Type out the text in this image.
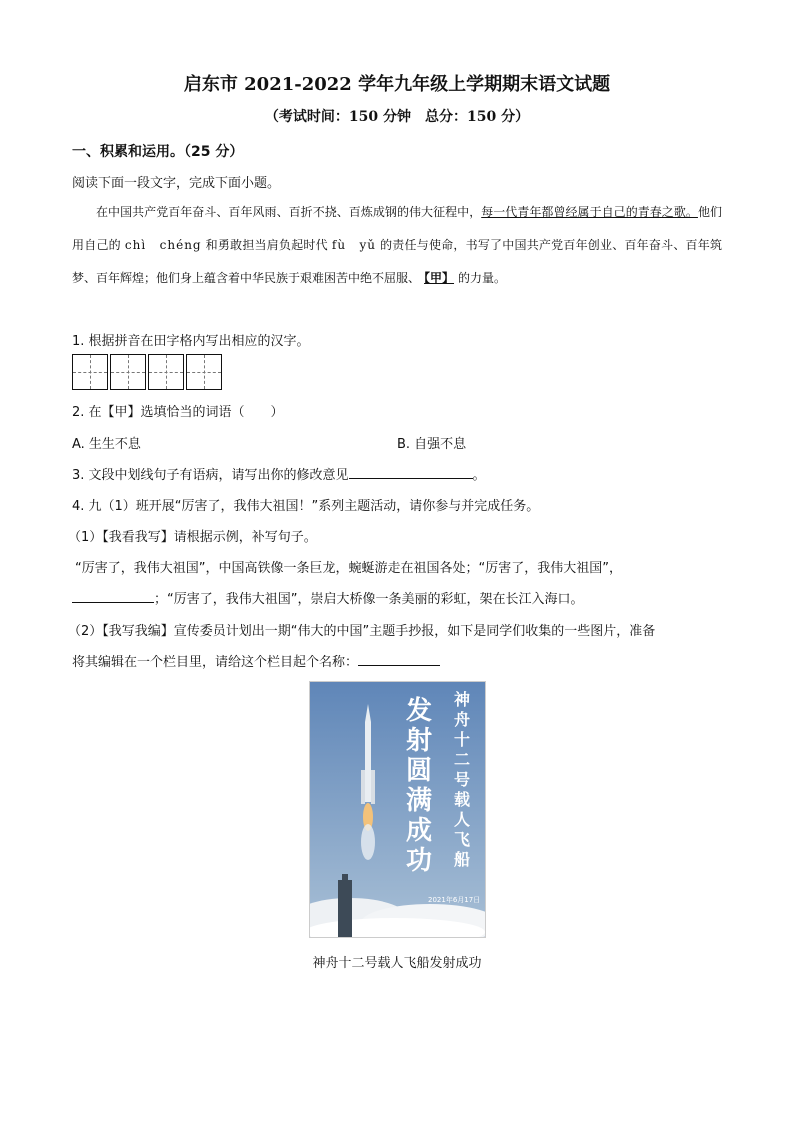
启东市 2021-2022 学年九年级上学期期末语文试题
（考试时间：150 分钟　总分：150 分）
一、积累和运用。（25 分）
阅读下面一段文字，完成下面小题。

在中国共产党百年奋斗、百年风雨、百折不挠、百炼成钢的伟大征程中，每一代青年都曾经属于自己的青春之歌。他们用自己的 chì　chéng 和勇敢担当肩负起时代 fù　yǔ 的责任与使命，书写了中国共产党百年创业、百年奋斗、百年筑梦、百年辉煌；他们身上蕴含着中华民族于艰难困苦中绝不屈服、 【甲】 的力量。

1. 根据拼音在田字格内写出相应的汉字。
2. 在【甲】选填恰当的词语（　　）
A. 生生不息	B. 自强不息
3. 文段中划线句子有语病，请写出你的修改意见	。
4. 九（1）班开展“厉害了，我伟大祖国！”系列主题活动，请你参与并完成任务。
（1）【我看我写】请根据示例，补写句子。
“厉害了，我伟大祖国”，中国高铁像一条巨龙，蜿蜒游走在祖国各处；“厉害了，我伟大祖国”，
；“厉害了，我伟大祖国”，崇启大桥像一条美丽的彩虹，架在长江入海口。
（2）【我写我编】宣传委员计划出一期“伟大的中国”主题手抄报，如下是同学们收集的一些图片，准备
将其编辑在一个栏目里，请给这个栏目起个名称：
发射圆满成功
神舟十二号载人飞船
2021年6月17日
神舟十二号载人飞船发射成功
